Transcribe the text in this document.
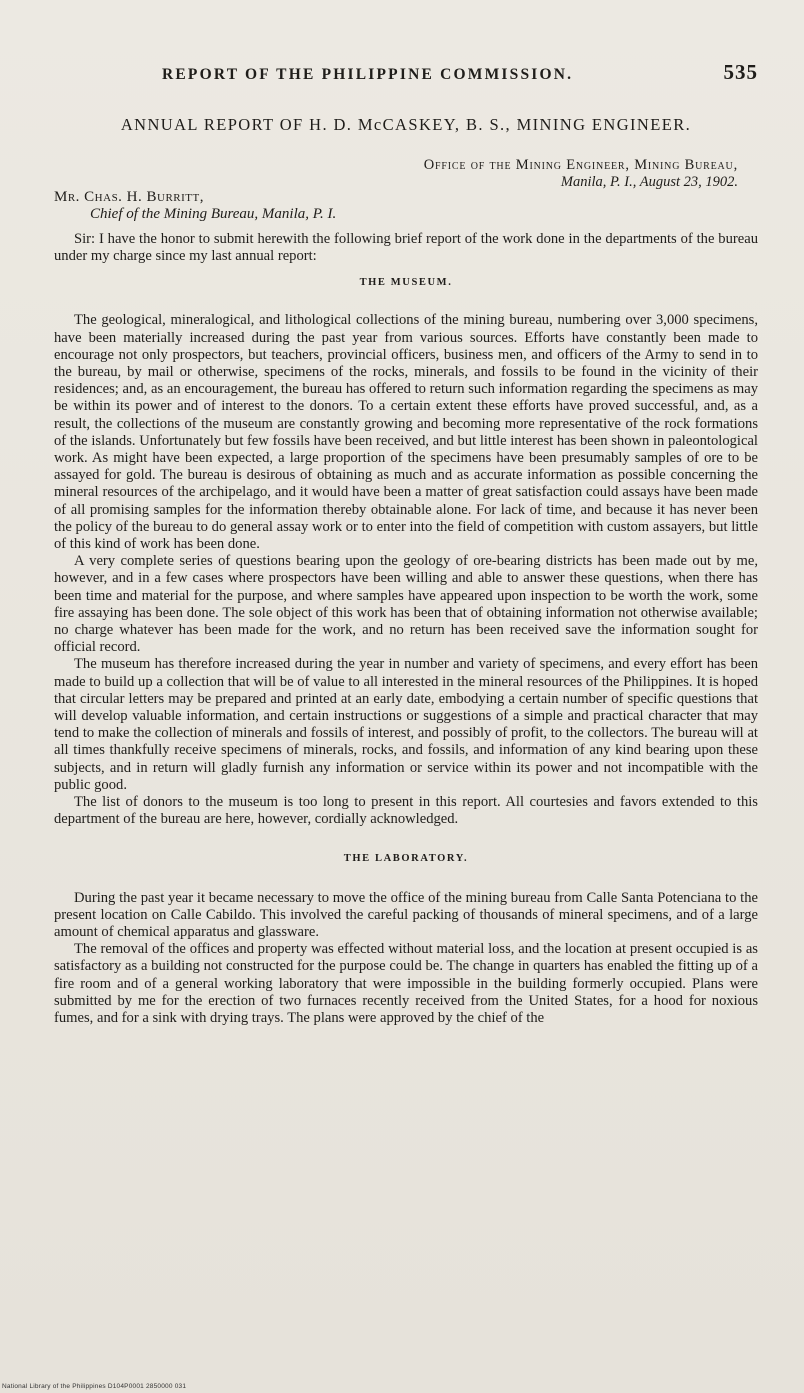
REPORT OF THE PHILIPPINE COMMISSION.	535
ANNUAL REPORT OF H. D. McCASKEY, B. S., MINING ENGINEER.
Office of the Mining Engineer, Mining Bureau,
Manila, P. I., August 23, 1902.
Mr. Chas. H. Burritt,
Chief of the Mining Bureau, Manila, P. I.

Sir: I have the honor to submit herewith the following brief report of the work done in the departments of the bureau under my charge since my last annual report:

THE MUSEUM.

The geological, mineralogical, and lithological collections of the mining bureau, numbering over 3,000 specimens, have been materially increased during the past year from various sources. Efforts have constantly been made to encourage not only prospectors, but teachers, provincial officers, business men, and officers of the Army to send in to the bureau, by mail or otherwise, specimens of the rocks, minerals, and fossils to be found in the vicinity of their residences; and, as an encouragement, the bureau has offered to return such information regarding the specimens as may be within its power and of interest to the donors. To a certain extent these efforts have proved successful, and, as a result, the collections of the museum are constantly growing and becoming more representative of the rock formations of the islands. Unfortunately but few fossils have been received, and but little interest has been shown in paleontological work. As might have been expected, a large proportion of the specimens have been presumably samples of ore to be assayed for gold. The bureau is desirous of obtaining as much and as accurate information as possible concerning the mineral resources of the archipelago, and it would have been a matter of great satisfaction could assays have been made of all promising samples for the information thereby obtainable alone. For lack of time, and because it has never been the policy of the bureau to do general assay work or to enter into the field of competition with custom assayers, but little of this kind of work has been done.

A very complete series of questions bearing upon the geology of ore-bearing districts has been made out by me, however, and in a few cases where prospectors have been willing and able to answer these questions, when there has been time and material for the purpose, and where samples have appeared upon inspection to be worth the work, some fire assaying has been done. The sole object of this work has been that of obtaining information not otherwise available; no charge whatever has been made for the work, and no return has been received save the information sought for official record.

The museum has therefore increased during the year in number and variety of specimens, and every effort has been made to build up a collection that will be of value to all interested in the mineral resources of the Philippines. It is hoped that circular letters may be prepared and printed at an early date, embodying a certain number of specific questions that will develop valuable information, and certain instructions or suggestions of a simple and practical character that may tend to make the collection of minerals and fossils of interest, and possibly of profit, to the collectors. The bureau will at all times thankfully receive specimens of minerals, rocks, and fossils, and information of any kind bearing upon these subjects, and in return will gladly furnish any information or service within its power and not incompatible with the public good.

The list of donors to the museum is too long to present in this report. All courtesies and favors extended to this department of the bureau are here, however, cordially acknowledged.

THE LABORATORY.

During the past year it became necessary to move the office of the mining bureau from Calle Santa Potenciana to the present location on Calle Cabildo. This involved the careful packing of thousands of mineral specimens, and of a large amount of chemical apparatus and glassware.

The removal of the offices and property was effected without material loss, and the location at present occupied is as satisfactory as a building not constructed for the purpose could be. The change in quarters has enabled the fitting up of a fire room and of a general working laboratory that were impossible in the building formerly occupied. Plans were submitted by me for the erection of two furnaces recently received from the United States, for a hood for noxious fumes, and for a sink with drying trays. The plans were approved by the chief of the

National Library of the Philippines D104P0001 2850000 031
